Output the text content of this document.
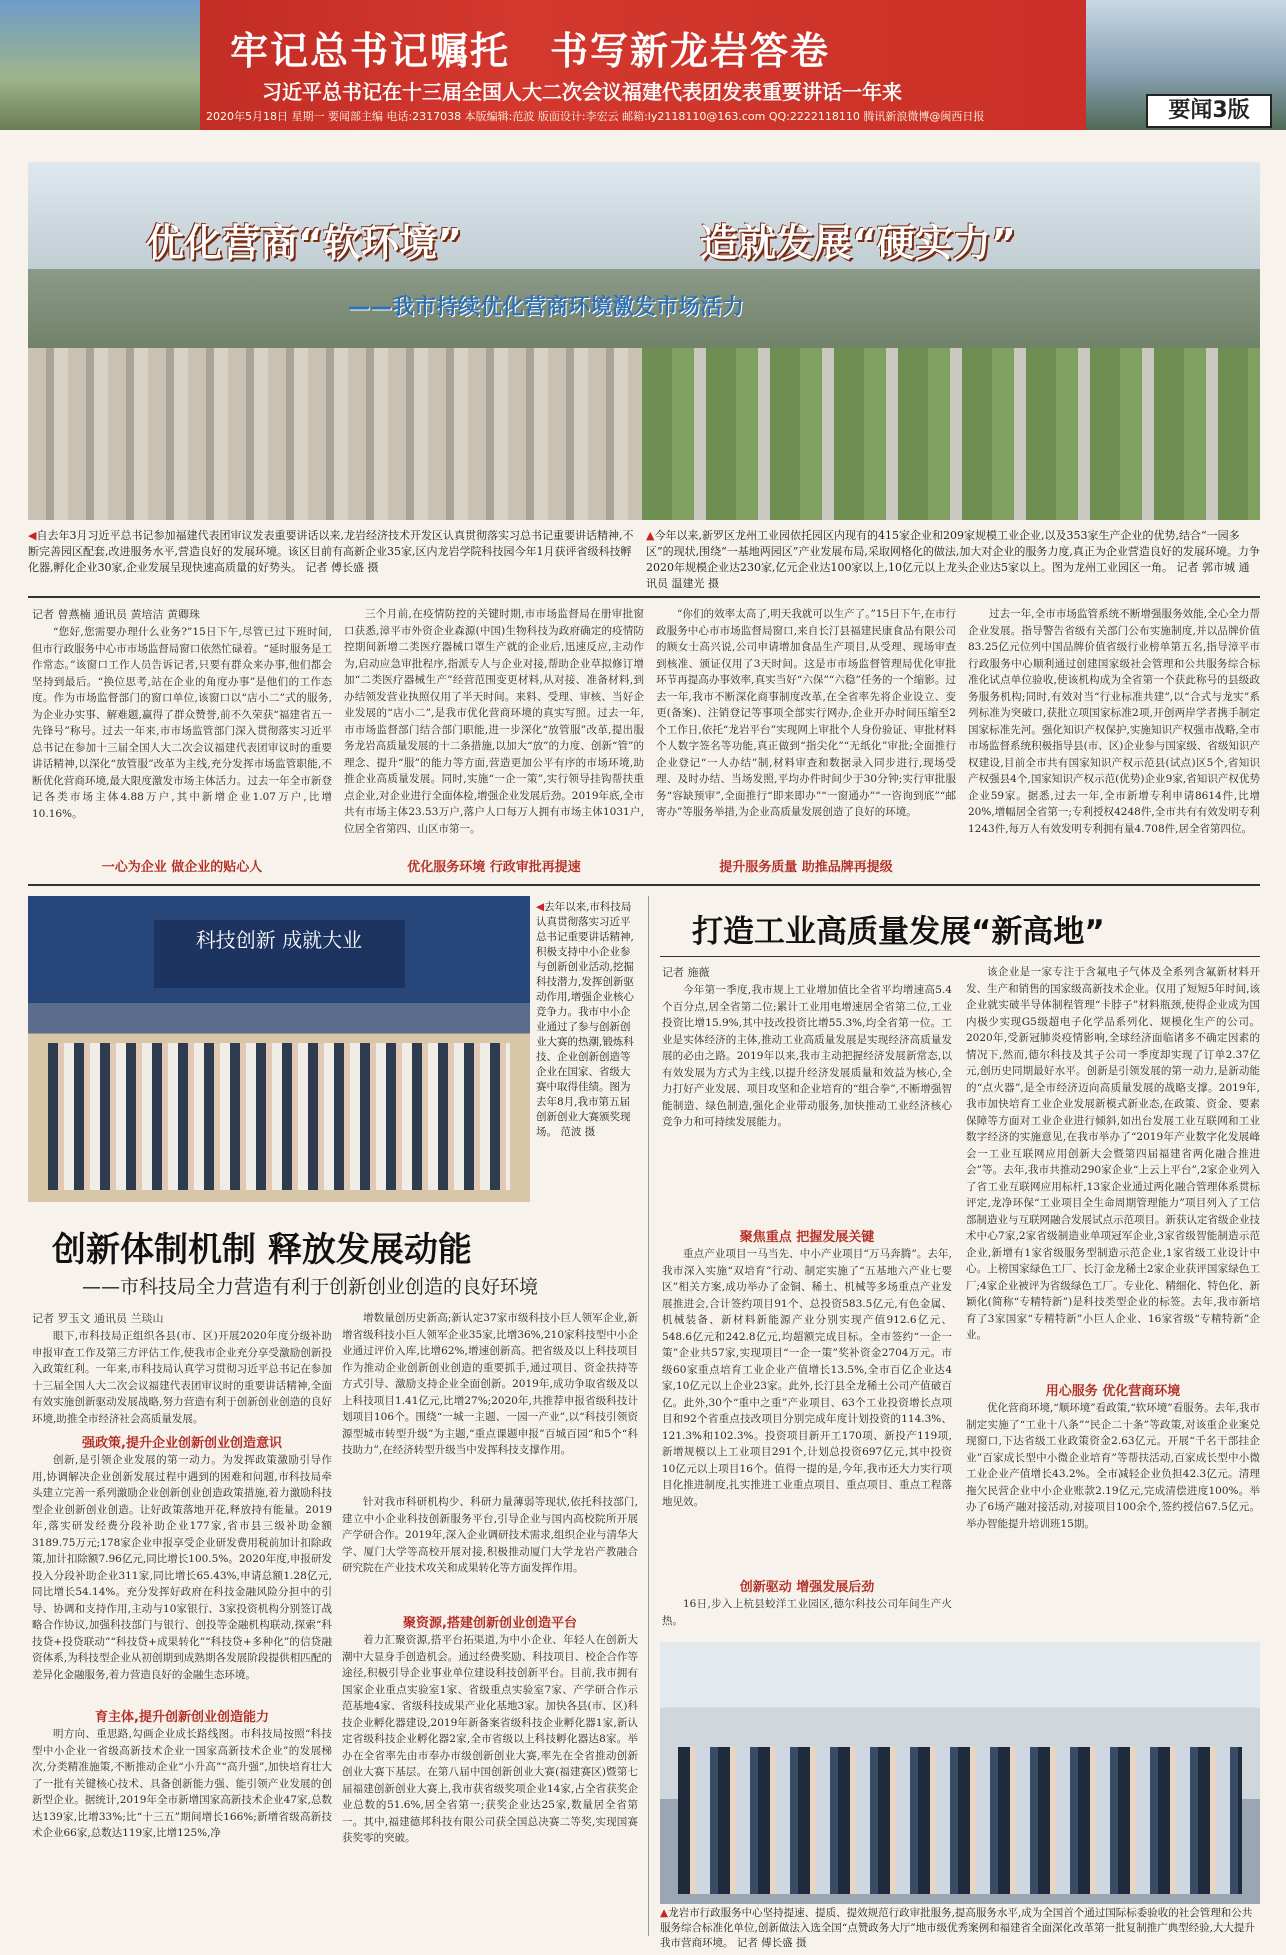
牢记总书记嘱托 书写新龙岩答卷
习近平总书记在十三届全国人大二次会议福建代表团发表重要讲话一年来
2020年5月18日 星期一 要闻部主编 电话:2317038 本版编辑:范波 版面设计:李宏云 邮箱:ly2118110@163.com QQ:2222118110 腾讯新浪微博@闽西日报	要闻3版
优化营商“软环境”	造就发展“硬实力”
——我市持续优化营商环境激发市场活力
◀自去年3月习近平总书记参加福建代表团审议发表重要讲话以来,龙岩经济技术开发区认真贯彻落实习总书记重要讲话精神,不断完善园区配套,改进服务水平,营造良好的发展环境。该区目前有高新企业35家,区内龙岩学院科技园今年1月获评省级科技孵化器,孵化企业30家,企业发展呈现快速高质量的好势头。 记者 傅长盛 摄
▲今年以来,新罗区龙州工业园依托园区内现有的415家企业和209家规模工业企业,以及353家生产企业的优势,结合“一园多区”的现状,围绕“一基地两园区”产业发展布局,采取网格化的做法,加大对企业的服务力度,真正为企业营造良好的发展环境。力争2020年规模企业达230家,亿元企业达100家以上,10亿元以上龙头企业达5家以上。图为龙州工业园区一角。 记者 郭市城 通讯员 温建光 摄
记者 曾燕楠 通讯员 黄培洁 黄卿珠

“您好,您需要办理什么业务?”15日下午,尽管已过下班时间,但市行政服务中心市市场监督局窗口依然忙碌着。“延时服务是工作常态。”该窗口工作人员告诉记者,只要有群众来办事,他们都会坚持到最后。“换位思考,站在企业的角度办事”是他们的工作态度。作为市场监督部门的窗口单位,该窗口以“店小二”式的服务,为企业办实事、解难题,赢得了群众赞誉,前不久荣获“福建省五一先锋号”称号。过去一年来,市市场监管部门深入贯彻落实习近平总书记在参加十三届全国人大二次会议福建代表团审议时的重要讲话精神,以深化“放管服”改革为主线,充分发挥市场监管职能,不断优化营商环境,最大限度激发市场主体活力。过去一年全市新登记各类市场主体4.88万户,其中新增企业1.07万户,比增10.16%。

一心为企业 做企业的贴心人

三个月前,在疫情防控的关键时期,市市场监督局在册审批窗口获悉,漳平市外资企业森源(中国)生物科技为政府确定的疫情防控期间新增二类医疗器械口罩生产就的企业后,迅速反应,主动作为,启动应急审批程序,指派专人与企业对接,帮助企业草拟修订增加“二类医疗器械生产”经营范围变更材料,从对接、准备材料,到办结领发营业执照仅用了半天时间。来料、受理、审核、当好企业发展的“店小二”,是我市优化营商环境的真实写照。过去一年,市市场监督部门结合部门职能,进一步深化“放管服”改革,提出服务龙岩高质量发展的十二条措施,以加大“放”的力度、创新“管”的理念、提升“服”的能力等方面,营造更加公平有序的市场环境,助推企业高质量发展。同时,实施“一企一策”,实行领导挂钩帮扶重点企业,对企业进行全面体检,增强企业发展后劲。2019年底,全市共有市场主体23.53万户,落户人口每万人拥有市场主体1031户,位居全省第四、山区市第一。

优化服务环境 行政审批再提速

“你们的效率太高了,明天我就可以生产了。”15日下午,在市行政服务中心市市场监督局窗口,来自长汀县福建民康食品有限公司的顾女士高兴说,公司申请增加食品生产项目,从受理、现场审查到核准、颁证仅用了3天时间。这是市市场监督管理局优化审批环节再提高办事效率,真实当好“六保”“六稳”任务的一个缩影。过去一年,我市不断深化商事制度改革,在全省率先将企业设立、变更(备案)、注销登记等事项全部实行网办,企业开办时间压缩至2个工作日,依托“龙岩平台”实现网上审批个人身份验证、审批材料个人数字签名等功能,真正做到“指尖化”“无纸化”审批;全面推行企业登记“一人办结”制,材料审查和数据录入同步进行,现场受理、及时办结、当场发照,平均办件时间少于30分钟;实行审批服务“容缺预审”,全面推行“即来即办”“一窗通办”“一咨询到底”“邮寄办”等服务举措,为企业高质量发展创造了良好的环境。

提升服务质量 助推品牌再提级

过去一年,全市市场监管系统不断增强服务效能,全心全力帮企业发展。指导警告省级有关部门公布实施制度,并以品牌价值83.25亿元位列中国品牌价值省级行业榜单第五名,指导漳平市行政服务中心顺利通过创建国家级社会管理和公共服务综合标准化试点单位验收,使该机构成为全省第一个获此称号的县级政务服务机构;同时,有效对当“行业标准共建”,以“合式与龙实”系列标准为突破口,获批立项国家标准2项,开创两岸学者携手制定国家标准先河。强化知识产权保护,实施知识产权强市战略,全市市场监督系统积极指导县(市、区)企业参与国家级、省级知识产权建设,目前全市共有国家知识产权示范县(试点)区5个,省知识产权强县4个,国家知识产权示范(优势)企业9家,省知识产权优势企业59家。据悉,过去一年,全市新增专利申请8614件,比增20%,增幅居全省第一;专利授权4248件,全市共有有效发明专利1243件,每万人有效发明专利拥有量4.708件,居全省第四位。

科技创新 成就大业
◀去年以来,市科技局认真贯彻落实习近平总书记重要讲话精神,积极支持中小企业参与创新创业活动,挖掘科技潜力,发挥创新驱动作用,增强企业核心竞争力。我市中小企业通过了参与创新创业大赛的热潮,锻炼科技、企业创新创造等企业在国家、省级大赛中取得佳绩。图为去年8月,我市第五届创新创业大赛颁奖现场。 范波 摄
创新体制机制 释放发展动能
——市科技局全力营造有利于创新创业创造的良好环境
记者 罗玉文 通讯员 兰琰山

眼下,市科技局正组织各县(市、区)开展2020年度分级补助申报审查工作及第三方评估工作,使我市企业充分享受激励创新投入政策红利。一年来,市科技局认真学习贯彻习近平总书记在参加十三届全国人大二次会议福建代表团审议时的重要讲话精神,全面有效实施创新驱动发展战略,努力营造有利于创新创业创造的良好环境,助推全市经济社会高质量发展。

强政策,提升企业创新创业创造意识

创新,是引领企业发展的第一动力。为发挥政策激励引导作用,协调解决企业创新发展过程中遇到的困难和问题,市科技局牵头建立完善一系列激励企业创新创业创造政策措施,着力激励科技型企业创新创业创造。让好政策落地开花,释放持有能量。2019年,落实研发经费分段补助企业177家,省市县三级补助金额3189.75万元;178家企业申报享受企业研发费用税前加计扣除政策,加计扣除额7.96亿元,同比增长100.5%。2020年度,申报研发投入分段补助企业311家,同比增长65.43%,申请总额1.28亿元,同比增长54.14%。充分发挥好政府在科技金融风险分担中的引导、协调和支持作用,主动与10家银行、3家投资机构分别签订战略合作协议,加强科技部门与银行、创投等金融机构联动,探索“科技贷+投贷联动”“科技贷+成果转化”“科技贷+多种化”的信贷融资体系,为科技型企业从初创期到成熟期各发展阶段提供相匹配的差异化金融服务,着力营造良好的金融生态环境。

育主体,提升创新创业创造能力

明方向、重思路,勾画企业成长路线图。市科技局按照“科技型中小企业一省级高新技术企业一国家高新技术企业”的发展梯次,分类精准施策,不断推动企业“小升高”“高升强”,加快培育壮大了一批有关键核心技术、具备创新能力强、能引领产业发展的创新型企业。据统计,2019年全市新增国家高新技术企业47家,总数达139家,比增33%;比“十三五”期间增长166%;新增省级高新技术企业66家,总数达119家,比增125%,净

增数量创历史新高;新认定37家市级科技小巨人领军企业,新增省级科技小巨人领军企业35家,比增36%,210家科技型中小企业通过评价入库,比增62%,增速创新高。把省级及以上科技项目作为推动企业创新创业创造的重要抓手,通过项目、资金扶持等方式引导、激励支持企业全面创新。2019年,成功争取省级及以上科技项目1.41亿元,比增27%;2020年,共推荐申报省级科技计划项目106个。围绕“一城一主题、一园一产业”,以“科技引领资源型城市转型升级”为主题,“重点课题申报”百城百园“和5个“科技助力”,在经济转型升级当中发挥科技支撑作用。

针对我市科研机构少、科研力量薄弱等现状,依托科技部门,建立中小企业科技创新服务平台,引导企业与国内高校院所开展产学研合作。2019年,深入企业调研技术需求,组织企业与清华大学、厦门大学等高校开展对接,积极推动厦门大学龙岩产教融合研究院在产业技术攻关和成果转化等方面发挥作用。

聚资源,搭建创新创业创造平台

着力汇聚资源,搭平台拓渠道,为中小企业、年轻人在创新大潮中大显身手创造机会。通过经费奖励、科技项目、校企合作等途径,积极引导企业事业单位建设科技创新平台。目前,我市拥有国家企业重点实验室1家、省级重点实验室7家、产学研合作示范基地4家、省级科技成果产业化基地3家。加快各县(市、区)科技企业孵化器建设,2019年新备案省级科技企业孵化器1家,新认定省级科技企业孵化器2家,全市省级以上科技孵化器达8家。举办在全省率先由市奉办市级创新创业大赛,率先在全省推动创新创业大赛下基层。在第八届中国创新创业大赛(福建赛区)暨第七届福建创新创业大赛上,我市获省级奖项企业14家,占全省获奖企业总数的51.6%,居全省第一;获奖企业达25家,数量居全省第一。其中,福建德邦科技有限公司获全国总决赛二等奖,实现国赛获奖零的突破。

打造工业高质量发展“新高地”
记者 施薇

今年第一季度,我市规上工业增加值比全省平均增速高5.4个百分点,居全省第二位;累计工业用电增速居全省第二位,工业投资比增15.9%,其中技改投资比增55.3%,均全省第一位。工业是实体经济的主体,推动工业高质量发展是实现经济高质量发展的必由之路。2019年以来,我市主动把握经济发展新常态,以有效发展为方式为主线,以提升经济发展质量和效益为核心,全力打好产业发展、项目攻坚和企业培育的“组合拳”,不断增强智能制造、绿色制造,强化企业带动服务,加快推动工业经济核心竞争力和可持续发展能力。

聚焦重点 把握发展关键

重点产业项目一马当先、中小产业项目“万马奔腾”。去年,我市深入实施“双培育”行动、制定实施了“五基地六产业七要区”相关方案,成功举办了金铜、稀土、机械等多场重点产业发展推进会,合计签约项目91个、总投资583.5亿元,有色金属、机械装备、新材料新能源产业分别实现产值912.6亿元、548.6亿元和242.8亿元,均超额完成目标。全市签约“一企一策”企业共57家,实现项目“一企一策”奖补资金2704万元。市级60家重点培育工业企业产值增长13.5%,全市百亿企业达4家,10亿元以上企业23家。此外,长汀县全龙稀土公司产值破百亿。此外,30个“重中之重”产业项目、63个工业投资增长点项目和92个省重点技改项目分别完成年度计划投资的114.3%、121.3%和102.3%。投资项目新开工170项、新投产119项,新增规模以上工业项目291个,计划总投资697亿元,其中投资10亿元以上项目16个。值得一提的是,今年,我市还大力实行项目化推进制度,扎实推进工业重点项目、重点项目、重点工程落地见效。

创新驱动 增强发展后劲

16日,步入上杭县蛟洋工业园区,德尔科技公司年间生产火热。

该企业是一家专注于含氟电子气体及全系列含氟新材料开发、生产和销售的国家级高新技术企业。仅用了短短5年时间,该企业就实破半导体制程管理“卡脖子”材料瓶颈,使得企业成为国内极少实现G5级超电子化学品系列化、规模化生产的公司。2020年,受新冠肺炎疫情影响,全球经济面临诸多不确定因素的情况下,然而,德尔科技及其子公司一季度却实现了订单2.37亿元,创历史同期最好水平。创新是引领发展的第一动力,是新动能的“点火器”,是全市经济迈向高质量发展的战略支撑。2019年,我市加快培育工业企业发展新模式新业态,在政策、资金、要素保障等方面对工业企业进行倾斜,如出台发展工业互联网和工业数字经济的实施意见,在我市举办了“2019年产业数字化发展峰会一工业互联网应用创新大会暨第四届福建省两化融合推进会”等。去年,我市共推动290家企业“上云上平台”,2家企业列入了省工业互联网应用标杆,13家企业通过两化融合管理体系贯标评定,龙净环保“工业项目全生命周期管理能力”项目列入了工信部制造业与互联网融合发展试点示范项目。新获认定省级企业技术中心7家,2家省级制造业单项冠军企业,3家省级智能制造示范企业,新增有1家省级服务型制造示范企业,1家省级工业设计中心。上榜国家绿色工厂、长汀金龙稀土2家企业获评国家绿色工厂;4家企业被评为省级绿色工厂。专业化、精细化、特色化、新颖化(简称“专精特新”)是科技类型企业的标签。去年,我市新培育了3家国家“专精特新”小巨人企业、16家省级“专精特新”企业。

用心服务 优化营商环境

优化营商环境,“顺环境”看政策,“软环境”看服务。去年,我市制定实施了“工业十八条”“民企二十条”等政策,对该重企业案兑现窗口,下达省级工业政策资金2.63亿元。开展“千名干部挂企业”百家成长型中小微企业培育”等帮扶活动,百家成长型中小微工业企业产值增长43.2%。全市减轻企业负担42.3亿元。清理拖欠民营企业中小企业账款2.19亿元,完成清偿进度100%。举办了6场产融对接活动,对接项目100余个,签约授信67.5亿元。举办智能提升培训班15期。

▲龙岩市行政服务中心坚持提速、提质、提效规范行政审批服务,提高服务水平,成为全国首个通过国际标委验收的社会管理和公共服务综合标准化单位,创新做法入选全国“点赞政务大厅”地市级优秀案例和福建省全面深化改革第一批复制推广典型经验,大大提升我市营商环境。 记者 傅长盛 摄
